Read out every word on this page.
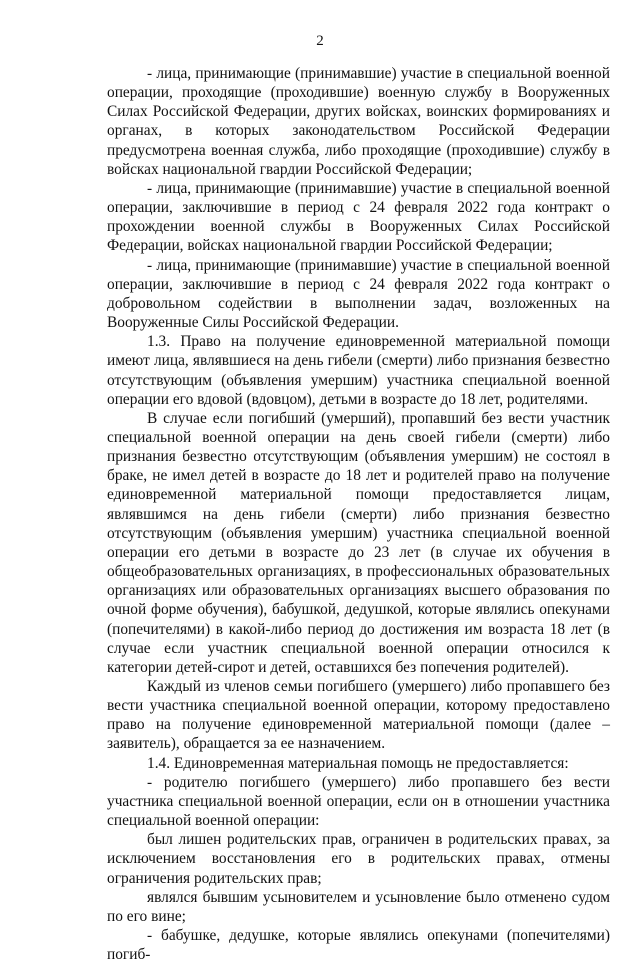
2

- лица, принимающие (принимавшие) участие в специальной военной операции, проходящие (проходившие) военную службу в Вооруженных Силах Российской Федерации, других войсках, воинских формированиях и органах, в которых законодательством Российской Федерации предусмотрена военная служба, либо проходящие (проходившие) службу в войсках национальной гвардии Российской Федерации;

- лица, принимающие (принимавшие) участие в специальной военной операции, заключившие в период с 24 февраля 2022 года контракт о прохождении военной службы в Вооруженных Силах Российской Федерации, войсках национальной гвардии Российской Федерации;

- лица, принимающие (принимавшие) участие в специальной военной операции, заключившие в период с 24 февраля 2022 года контракт о добровольном содействии в выполнении задач, возложенных на Вооруженные Силы Российской Федерации.

1.3. Право на получение единовременной материальной помощи имеют лица, являвшиеся на день гибели (смерти) либо признания безвестно отсутствующим (объявления умершим) участника специальной военной операции его вдовой (вдовцом), детьми в возрасте до 18 лет, родителями.

В случае если погибший (умерший), пропавший без вести участник специальной военной операции на день своей гибели (смерти) либо признания безвестно отсутствующим (объявления умершим) не состоял в браке, не имел детей в возрасте до 18 лет и родителей право на получение единовременной материальной помощи предоставляется лицам, являвшимся на день гибели (смерти) либо признания безвестно отсутствующим (объявления умершим) участника специальной военной операции его детьми в возрасте до 23 лет (в случае их обучения в общеобразовательных организациях, в профессиональных образовательных организациях или образовательных организациях высшего образования по очной форме обучения), бабушкой, дедушкой, которые являлись опекунами (попечителями) в какой-либо период до достижения им возраста 18 лет (в случае если участник специальной военной операции относился к категории детей-сирот и детей, оставшихся без попечения родителей).

Каждый из членов семьи погибшего (умершего) либо пропавшего без вести участника специальной военной операции, которому предоставлено право на получение единовременной материальной помощи (далее – заявитель), обращается за ее назначением.

1.4. Единовременная материальная помощь не предоставляется:

- родителю погибшего (умершего) либо пропавшего без вести участника специальной военной операции, если он в отношении участника специальной военной операции:

был лишен родительских прав, ограничен в родительских правах, за исключением восстановления его в родительских правах, отмены ограничения родительских прав;

являлся бывшим усыновителем и усыновление было отменено судом по его вине;

- бабушке, дедушке, которые являлись опекунами (попечителями) погиб-
